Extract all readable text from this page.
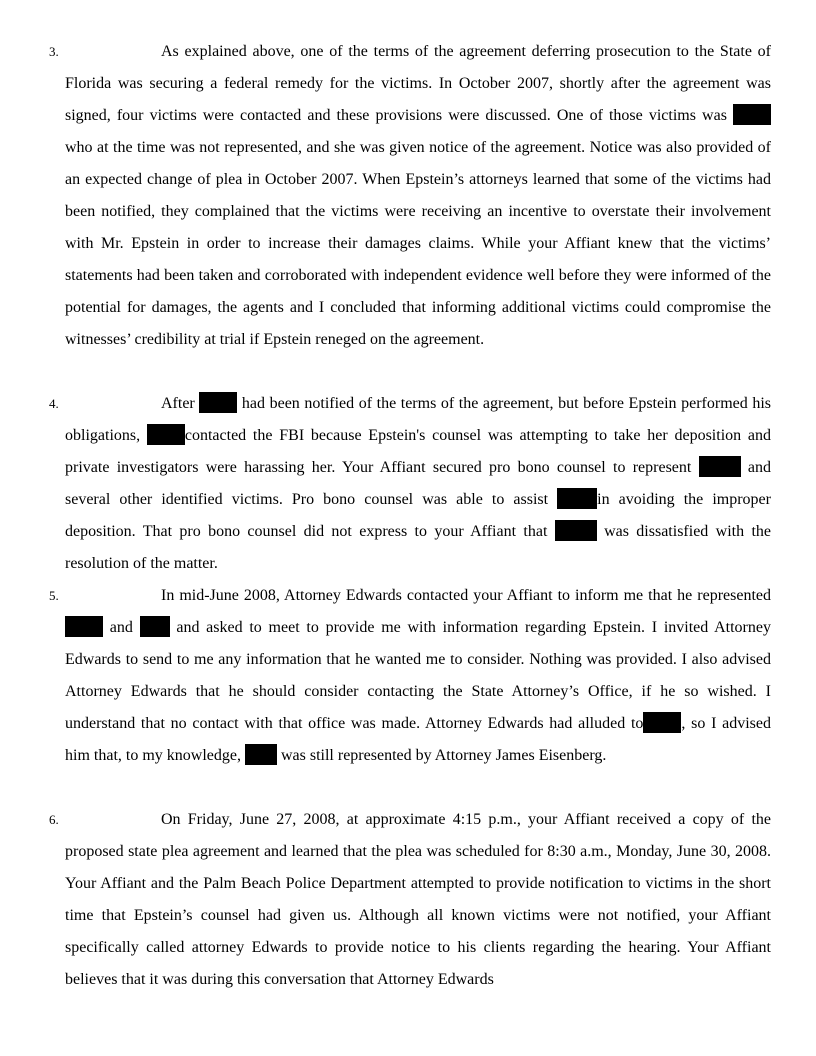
3.	As explained above, one of the terms of the agreement deferring prosecution to the State of Florida was securing a federal remedy for the victims. In October 2007, shortly after the agreement was signed, four victims were contacted and these provisions were discussed. One of those victims was  who at the time was not represented, and she was given notice of the agreement. Notice was also provided of an expected change of plea in October 2007. When Epstein’s attorneys learned that some of the victims had been notified, they complained that the victims were receiving an incentive to overstate their involvement with Mr. Epstein in order to increase their damages claims. While your Affiant knew that the victims’ statements had been taken and corroborated with independent evidence well before they were informed of the potential for damages, the agents and I concluded that informing additional victims could compromise the witnesses’ credibility at trial if Epstein reneged on the agreement.

4.	After  had been notified of the terms of the agreement, but before Epstein performed his obligations, contacted the FBI because Epstein's counsel was attempting to take her deposition and private investigators were harassing her. Your Affiant secured pro bono counsel to represent	and several other identified victims. Pro bono counsel was able to assist	in avoiding the improper deposition. That pro bono counsel did not express to your Affiant that	was dissatisfied with the resolution of the matter.

5.	In mid-June 2008, Attorney Edwards contacted your Affiant to inform me that he represented  and  and asked to meet to provide me with information regarding Epstein. I invited Attorney Edwards to send to me any information that he wanted me to consider. Nothing was provided. I also advised Attorney Edwards that he should consider contacting the State Attorney’s Office, if he so wished. I understand that no contact with that office was made. Attorney Edwards had alluded to , so I advised him that, to my knowledge,  was still represented by Attorney James Eisenberg.

6.	On Friday, June 27, 2008, at approximate 4:15 p.m., your Affiant received a copy of the proposed state plea agreement and learned that the plea was scheduled for 8:30 a.m., Monday, June 30, 2008. Your Affiant and the Palm Beach Police Department attempted to provide notification to victims in the short time that Epstein’s counsel had given us. Although all known victims were not notified, your Affiant specifically called attorney Edwards to provide notice to his clients regarding the hearing. Your Affiant believes that it was during this conversation that Attorney Edwards
